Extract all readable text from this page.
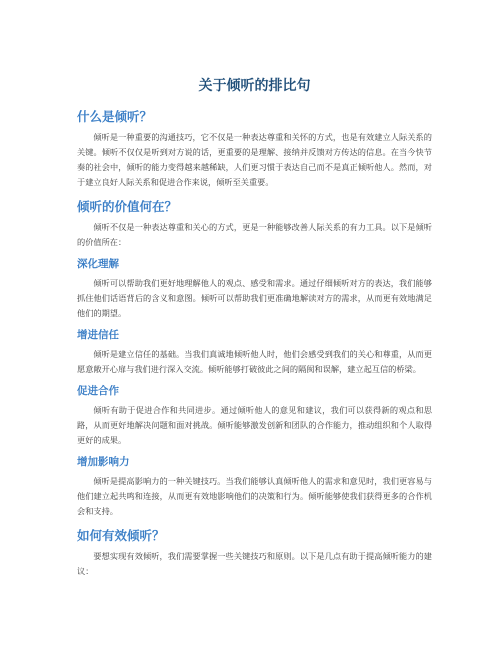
关于倾听的排比句
什么是倾听？

倾听是一种重要的沟通技巧，它不仅是一种表达尊重和关怀的方式，也是有效建立人际关系的关键。倾听不仅仅是听到对方说的话，更重要的是理解、接纳并反馈对方传达的信息。在当今快节奏的社会中，倾听的能力变得越来越稀缺，人们更习惯于表达自己而不是真正倾听他人。然而，对于建立良好人际关系和促进合作来说，倾听至关重要。

倾听的价值何在？

倾听不仅是一种表达尊重和关心的方式，更是一种能够改善人际关系的有力工具。以下是倾听的价值所在：

深化理解

倾听可以帮助我们更好地理解他人的观点、感受和需求。通过仔细倾听对方的表达，我们能够抓住他们话语背后的含义和意图。倾听可以帮助我们更准确地解读对方的需求，从而更有效地满足他们的期望。

增进信任

倾听是建立信任的基础。当我们真诚地倾听他人时，他们会感受到我们的关心和尊重，从而更愿意敞开心扉与我们进行深入交流。倾听能够打破彼此之间的隔阂和误解，建立起互信的桥梁。

促进合作

倾听有助于促进合作和共同进步。通过倾听他人的意见和建议，我们可以获得新的观点和思路，从而更好地解决问题和面对挑战。倾听能够激发创新和团队的合作能力，推动组织和个人取得更好的成果。

增加影响力

倾听是提高影响力的一种关键技巧。当我们能够认真倾听他人的需求和意见时，我们更容易与他们建立起共鸣和连接，从而更有效地影响他们的决策和行为。倾听能够使我们获得更多的合作机会和支持。

如何有效倾听？

要想实现有效倾听，我们需要掌握一些关键技巧和原则。以下是几点有助于提高倾听能力的建议：
